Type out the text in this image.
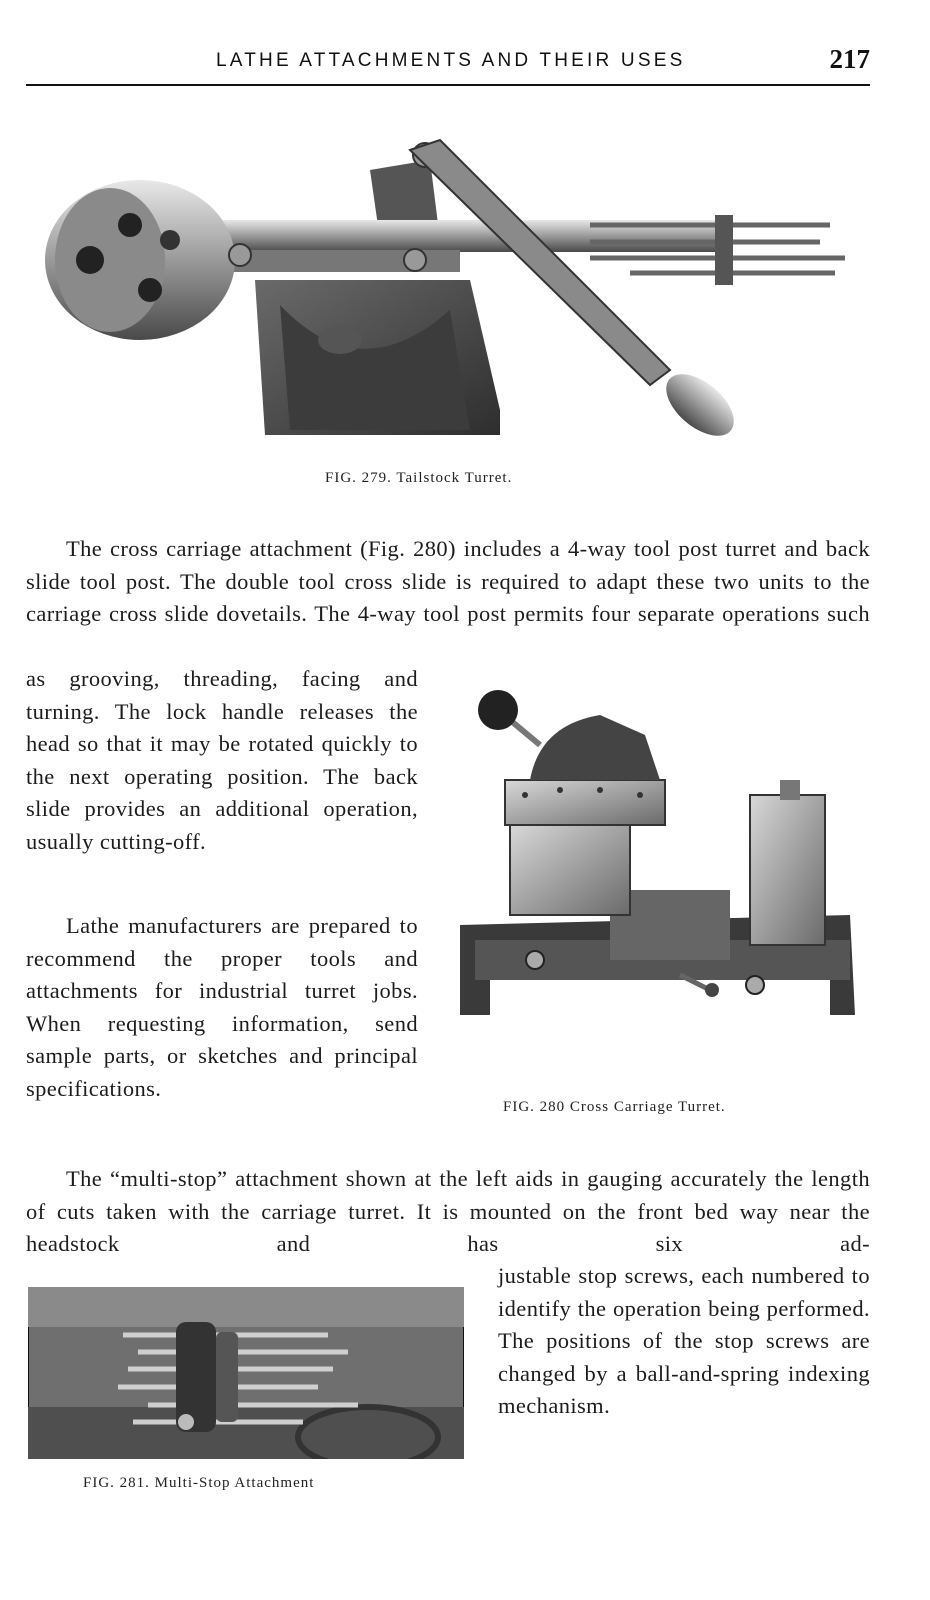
LATHE ATTACHMENTS AND THEIR USES	217
FIG. 279. Tailstock Turret.

The cross carriage attachment (Fig. 280) includes a 4-way tool post turret and back slide tool post. The double tool cross slide is required to adapt these two units to the carriage cross slide dovetails. The 4-way tool post permits four separate operations such

as grooving, threading, facing and turning. The lock handle releases the head so that it may be rotated quickly to the next operating position. The back slide provides an additional operation, usually cutting-off.

Lathe manufacturers are prepared to recommend the proper tools and attachments for industrial turret jobs. When requesting information, send sample parts, or sketches and principal specifications.

FIG. 280 Cross Carriage Turret.

The “multi-stop” attachment shown at the left aids in gauging accurately the length of cuts taken with the carriage turret. It is mounted on the front bed way near the headstock and has six ad-

FIG. 281. Multi-Stop Attachment

justable stop screws, each numbered to identify the operation being performed. The positions of the stop screws are changed by a ball-and-spring indexing mechanism.
